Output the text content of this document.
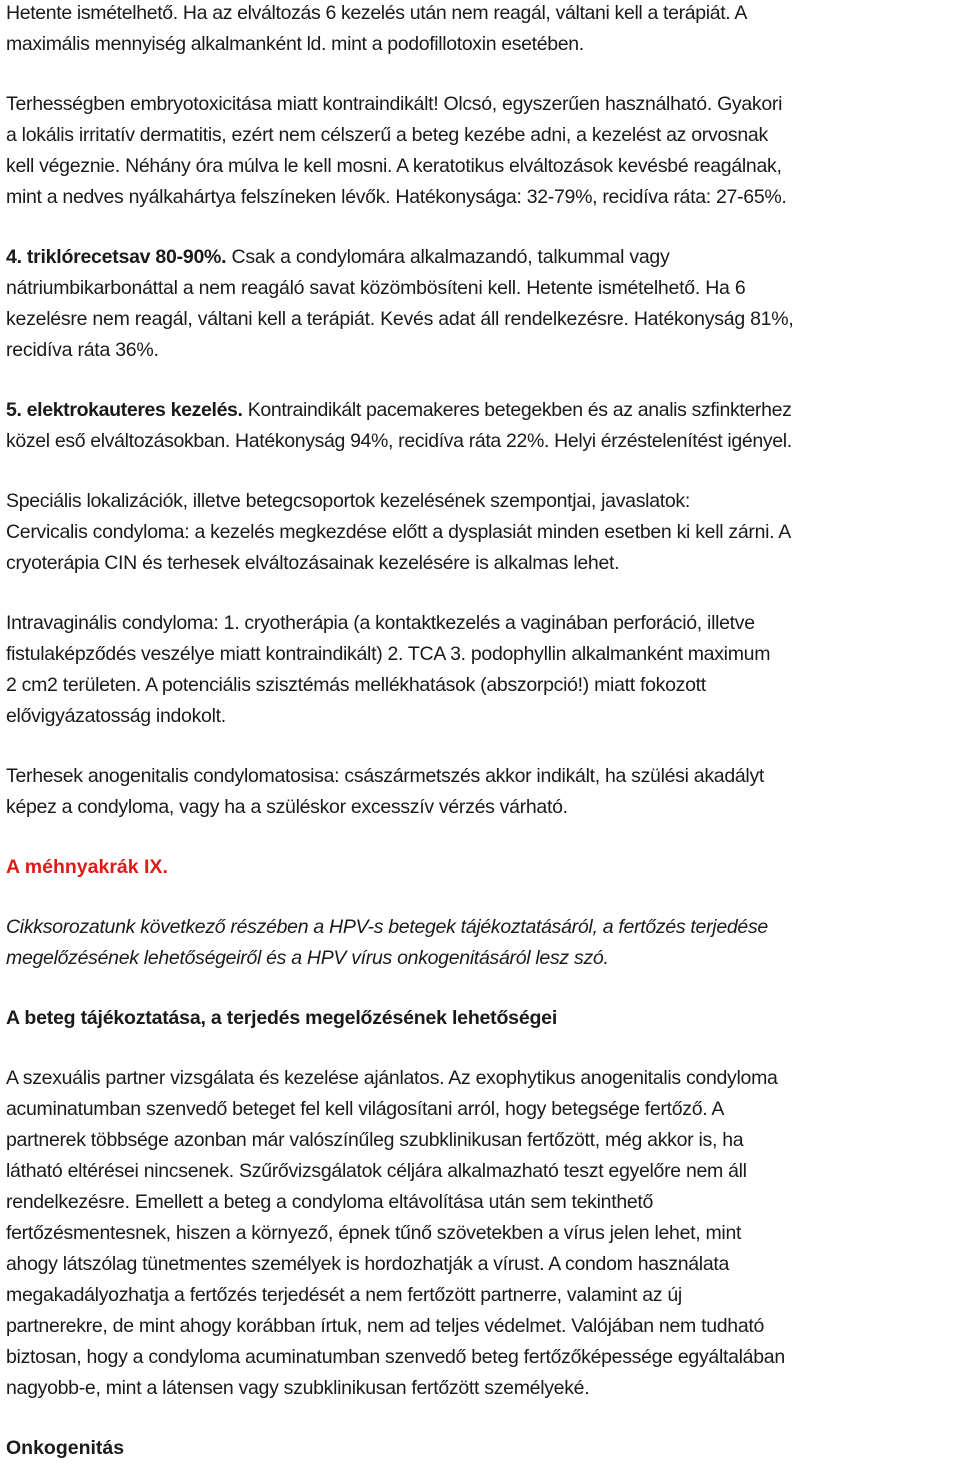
Hetente ismételhető. Ha az elváltozás 6 kezelés után nem reagál, váltani kell a terápiát. A
maximális mennyiség alkalmanként ld. mint a podofillotoxin esetében.

Terhességben embryotoxicitása miatt kontraindikált! Olcsó, egyszerűen használható. Gyakori
a lokális irritatív dermatitis, ezért nem célszerű a beteg kezébe adni, a kezelést az orvosnak
kell végeznie. Néhány óra múlva le kell mosni. A keratotikus elváltozások kevésbé reagálnak,
mint a nedves nyálkahártya felszíneken lévők. Hatékonysága: 32-79%, recidíva ráta: 27-65%.

4. triklórecetsav 80-90%. Csak a condylomára alkalmazandó, talkummal vagy
nátriumbikarbonáttal a nem reagáló savat közömbösíteni kell. Hetente ismételhető. Ha 6
kezelésre nem reagál, váltani kell a terápiát. Kevés adat áll rendelkezésre. Hatékonyság 81%,
recidíva ráta 36%.

5. elektrokauteres kezelés. Kontraindikált pacemakeres betegekben és az analis szfinkterhez
közel eső elváltozásokban. Hatékonyság 94%, recidíva ráta 22%. Helyi érzéstelenítést igényel.

Speciális lokalizációk, illetve betegcsoportok kezelésének szempontjai, javaslatok:
Cervicalis condyloma: a kezelés megkezdése előtt a dysplasiát minden esetben ki kell zárni. A
cryoterápia CIN és terhesek elváltozásainak kezelésére is alkalmas lehet.

Intravaginális condyloma: 1. cryotherápia (a kontaktkezelés a vaginában perforáció, illetve
fistulaképződés veszélye miatt kontraindikált) 2. TCA 3. podophyllin alkalmanként maximum
2 cm2 területen. A potenciális szisztémás mellékhatások (abszorpció!) miatt fokozott
elővigyázatosság indokolt.

Terhesek anogenitalis condylomatosisa: császármetszés akkor indikált, ha szülési akadályt
képez a condyloma, vagy ha a szüléskor excesszív vérzés várható.

A méhnyakrák IX.

Cikksorozatunk következő részében a HPV-s betegek tájékoztatásáról, a fertőzés terjedése
megelőzésének lehetőségeiről és a HPV vírus onkogenitásáról lesz szó.

A beteg tájékoztatása, a terjedés megelőzésének lehetőségei

A szexuális partner vizsgálata és kezelése ajánlatos. Az exophytikus anogenitalis condyloma
acuminatumban szenvedő beteget fel kell világosítani arról, hogy betegsége fertőző. A
partnerek többsége azonban már valószínűleg szubklinikusan fertőzött, még akkor is, ha
látható eltérései nincsenek. Szűrővizsgálatok céljára alkalmazható teszt egyelőre nem áll
rendelkezésre. Emellett a beteg a condyloma eltávolítása után sem tekinthető
fertőzésmentesnek, hiszen a környező, épnek tűnő szövetekben a vírus jelen lehet, mint
ahogy látszólag tünetmentes személyek is hordozhatják a vírust. A condom használata
megakadályozhatja a fertőzés terjedését a nem fertőzött partnerre, valamint az új
partnerekre, de mint ahogy korábban írtuk, nem ad teljes védelmet. Valójában nem tudható
biztosan, hogy a condyloma acuminatumban szenvedő beteg fertőzőképessége egyáltalában
nagyobb-e, mint a látensen vagy szubklinikusan fertőzött személyeké.

Onkogenitás
